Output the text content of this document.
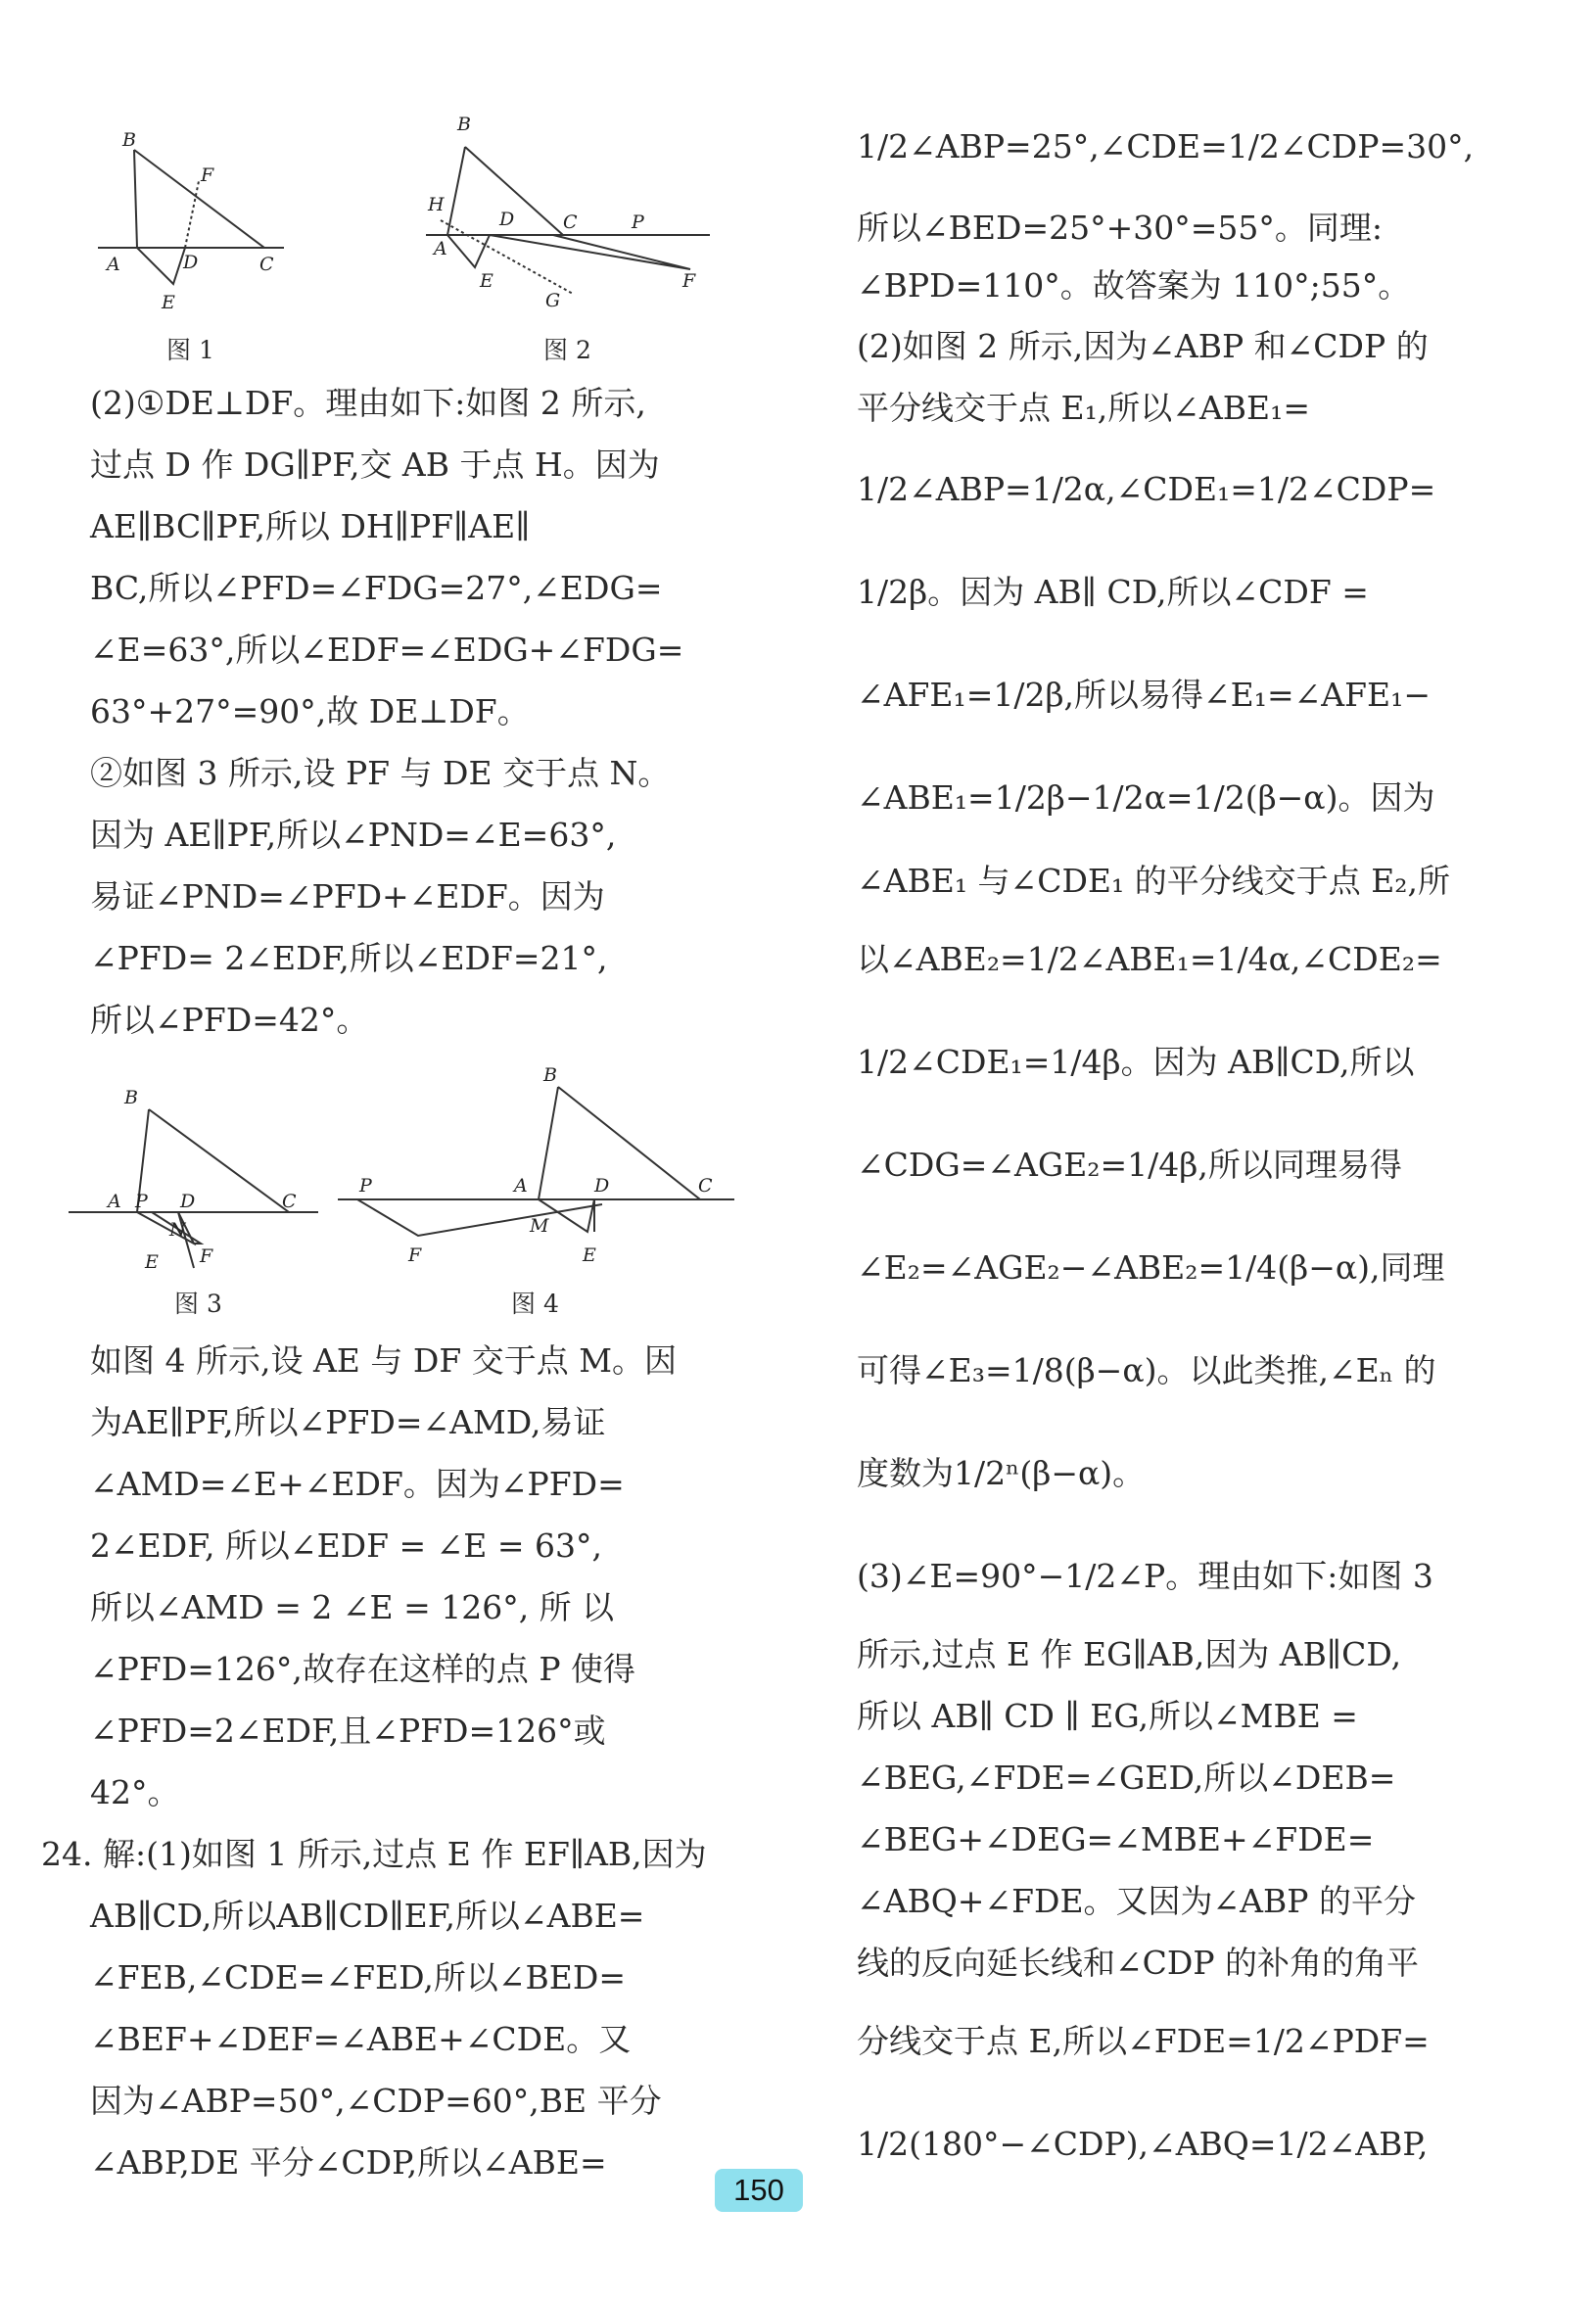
B
F
A	D	C
E
图 1
B
H
D	C	P
A
E
G
F
图 2
B
A P D	C
N
E F
图 3
B
P	A	D	C
M
F	E
图 4
(2)①DE⊥DF。理由如下:如图 2 所示,
过点 D 作 DG∥PF,交 AB 于点 H。因为
AE∥BC∥PF,所以 DH∥PF∥AE∥
BC,所以∠PFD=∠FDG=27°,∠EDG=
∠E=63°,所以∠EDF=∠EDG+∠FDG=
63°+27°=90°,故 DE⊥DF。
②如图 3 所示,设 PF 与 DE 交于点 N。
因为 AE∥PF,所以∠PND=∠E=63°,
易证∠PND=∠PFD+∠EDF。因为
∠PFD= 2∠EDF,所以∠EDF=21°,
所以∠PFD=42°。
如图 4 所示,设 AE 与 DF 交于点 M。因
为AE∥PF,所以∠PFD=∠AMD,易证
∠AMD=∠E+∠EDF。因为∠PFD=
2∠EDF, 所以∠EDF = ∠E = 63°,
所以∠AMD = 2 ∠E = 126°, 所 以
∠PFD=126°,故存在这样的点 P 使得
∠PFD=2∠EDF,且∠PFD=126°或
42°。
24. 解:(1)如图 1 所示,过点 E 作 EF∥AB,因为
AB∥CD,所以AB∥CD∥EF,所以∠ABE=
∠FEB,∠CDE=∠FED,所以∠BED=
∠BEF+∠DEF=∠ABE+∠CDE。又
因为∠ABP=50°,∠CDP=60°,BE 平分
∠ABP,DE 平分∠CDP,所以∠ABE=
1/2∠ABP=25°,∠CDE=1/2∠CDP=30°,
所以∠BED=25°+30°=55°。同理:
∠BPD=110°。故答案为 110°;55°。
(2)如图 2 所示,因为∠ABP 和∠CDP 的
平分线交于点 E₁,所以∠ABE₁=
1/2∠ABP=1/2α,∠CDE₁=1/2∠CDP=
1/2β。因为 AB∥ CD,所以∠CDF =
∠AFE₁=1/2β,所以易得∠E₁=∠AFE₁−
∠ABE₁=1/2β−1/2α=1/2(β−α)。因为
∠ABE₁ 与∠CDE₁ 的平分线交于点 E₂,所
以∠ABE₂=1/2∠ABE₁=1/4α,∠CDE₂=
1/2∠CDE₁=1/4β。因为 AB∥CD,所以
∠CDG=∠AGE₂=1/4β,所以同理易得
∠E₂=∠AGE₂−∠ABE₂=1/4(β−α),同理
可得∠E₃=1/8(β−α)。以此类推,∠Eₙ 的
度数为1/2ⁿ(β−α)。
(3)∠E=90°−1/2∠P。理由如下:如图 3
所示,过点 E 作 EG∥AB,因为 AB∥CD,
所以 AB∥ CD ∥ EG,所以∠MBE =
∠BEG,∠FDE=∠GED,所以∠DEB=
∠BEG+∠DEG=∠MBE+∠FDE=
∠ABQ+∠FDE。又因为∠ABP 的平分
线的反向延长线和∠CDP 的补角的角平
分线交于点 E,所以∠FDE=1/2∠PDF=
1/2(180°−∠CDP),∠ABQ=1/2∠ABP,
150
